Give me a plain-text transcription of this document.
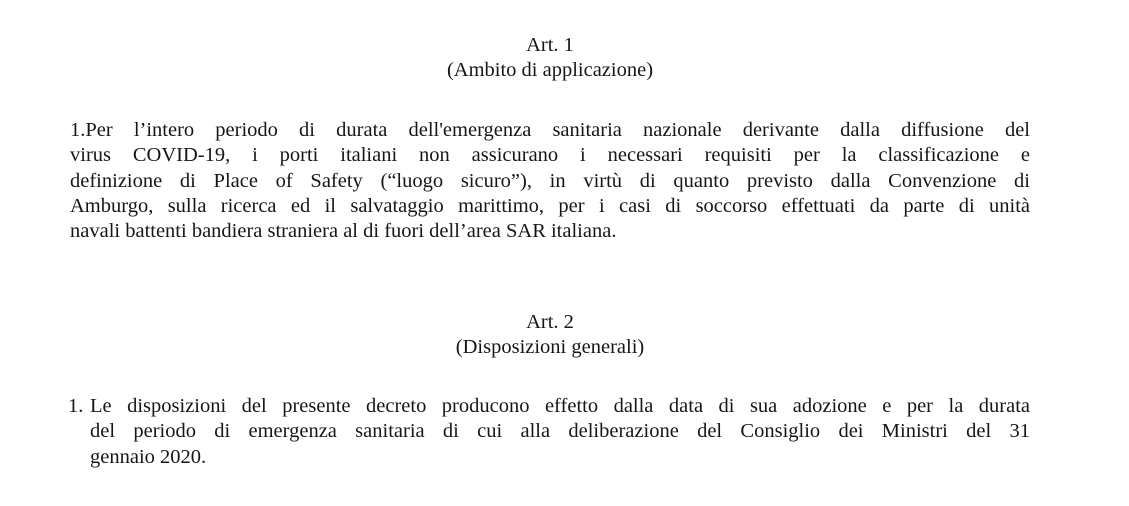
Art. 1
(Ambito di applicazione)
1.Per l’intero periodo di durata dell'emergenza sanitaria nazionale derivante dalla diffusione del
virus COVID-19, i porti italiani non assicurano i necessari requisiti per la classificazione e
definizione di Place of Safety (“luogo sicuro”), in virtù di quanto previsto dalla Convenzione di
Amburgo, sulla ricerca ed il salvataggio marittimo, per i casi di soccorso effettuati da parte di unità
navali battenti bandiera straniera al di fuori dell’area SAR italiana.
Art. 2
(Disposizioni generali)
1. Le disposizioni del presente decreto producono effetto dalla data di sua adozione e per la durata
del periodo di emergenza sanitaria di cui alla deliberazione del Consiglio dei Ministri del 31
gennaio 2020.
